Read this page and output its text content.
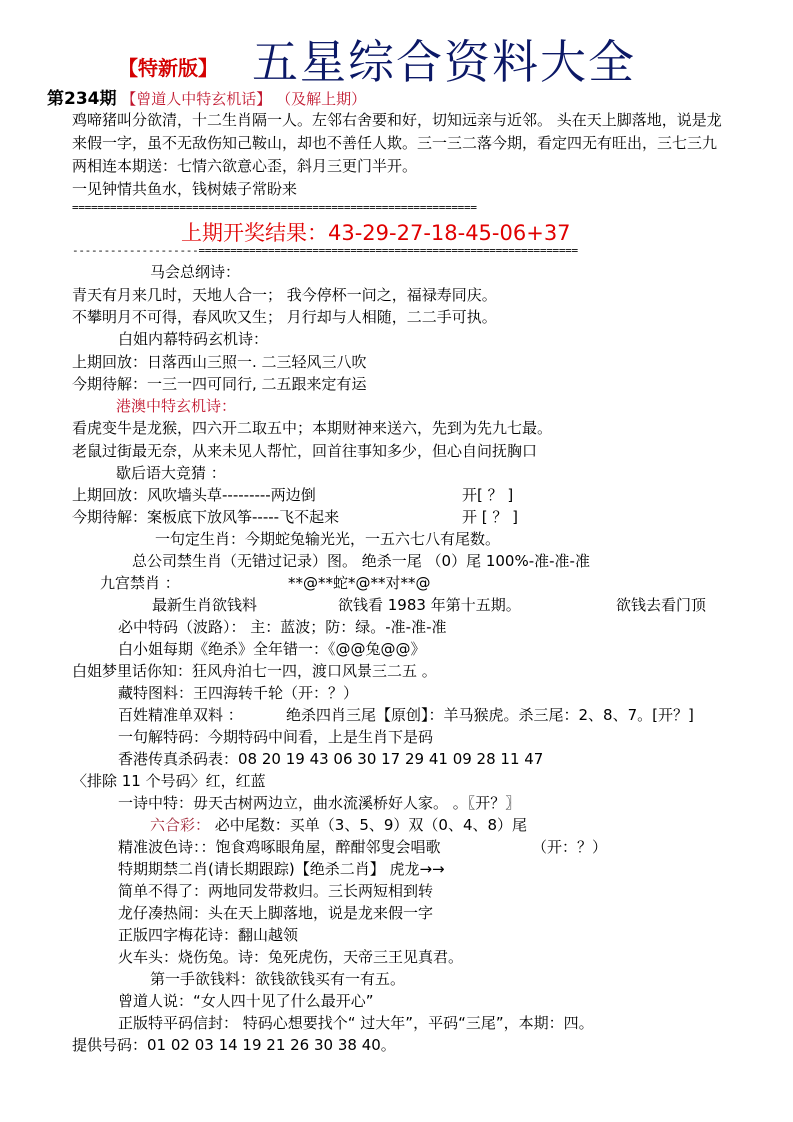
【特新版】 五星综合资料大全
第234期 【曾道人中特玄机话】 （及解上期）
鸡啼猪叫分欲清，十二生肖隔一人。左邻右舍要和好，切知远亲与近邻。 头在天上脚落地，说是龙
来假一字，虽不无敌伤知己鞍山，却也不善任人欺。三一三二落今期，看定四无有旺出，三七三九
两相连本期送：七情六欲意心歪，斜月三更门半开。
一见钟情共鱼水，钱树婊子常盼来
================================================================
上期开奖结果：43-29-27-18-45-06+37
--------------------============================================================
马会总纲诗：
青天有月来几时，天地人合一； 我今停杯一问之，福禄寿同庆。
不攀明月不可得，春风吹又生； 月行却与人相随，二二手可执。
白姐内幕特码玄机诗：
上期回放：日落西山三照一. 二三轻风三八吹
今期待解：一三一四可同行, 二五跟来定有运
港澳中特玄机诗：
看虎变牛是龙猴，四六开二取五中；本期财神来送六，先到为先九七最。
老鼠过街最无奈，从来未见人帮忙，回首往事知多少，但心自问抚胸口
歇后语大竞猜 ：
上期回放：风吹墙头草---------两边倒	开[ ？ ]
今期待解：案板底下放风筝-----飞不起来	开 [ ？ ]
一句定生肖：今期蛇兔输光光，一五六七八有尾数。
总公司禁生肖（无错过记录）图。 绝杀一尾 （0）尾 100%-准-准-准
九宫禁肖 ：	**@**蛇*@**对**@
最新生肖欲钱料	欲钱看 1983 年第十五期。	欲钱去看门顶
必中特码（波路）： 主：蓝波；防：绿。-准-准-准
白小姐每期《绝杀》全年错一：《@@兔@@》
白姐梦里话你知：狂风舟泊七一四，渡口风景三二五 。
藏特图料：王四海转千轮（开：？）
百姓精准单双料 ：	绝杀四肖三尾【原创】：羊马猴虎。杀三尾：2、8、7。[开？]
一句解特码：今期特码中间看，上是生肖下是码
香港传真杀码表：08 20 19 43 06 30 17 29 41 09 28 11 47
〈排除 11 个号码〉红，红蓝
一诗中特：毋天古树两边立，曲水流溪桥好人家。 。〖开？〗
六合彩： 必中尾数：买单（3、5、9）双（0、4、8）尾
精准波色诗：：饱食鸡啄眼角屋，醉酣邻叟会唱歌	（开：？）
特期期禁二肖(请长期跟踪)【绝杀二肖】 虎龙→→
简单不得了：两地同发带救归。三长两短相到转
龙仔凑热闹：头在天上脚落地，说是龙来假一字
正版四字梅花诗：翻山越领
火车头：烧伤兔。诗：兔死虎伤，天帝三王见真君。
第一手欲钱料：欲钱欲钱买有一有五。
曾道人说：“女人四十见了什么最开心”
正版特平码信封： 特码心想要找个“ 过大年”，平码“三尾”，本期：四。
提供号码：01 02 03 14 19 21 26 30 38 40。
